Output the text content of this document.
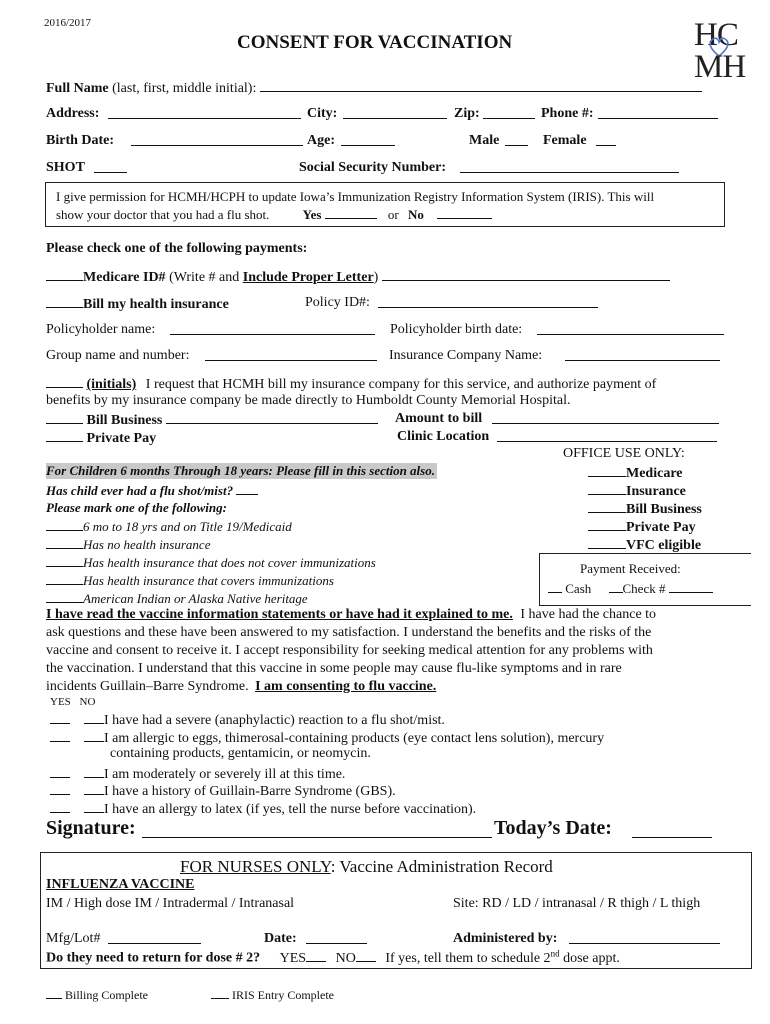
2016/2017
CONSENT FOR VACCINATION	HC
MH
Full Name (last, first, middle initial):
Address:	City:	Zip:	Phone #:
Birth Date:	Age:	Male	Female
SHOT	Social Security Number:
I give permission for HCMH/HCPH to update Iowa’s Immunization Registry Information System (IRIS). This will
show your doctor that you had a flu shot.	Yes	or No
Please check one of the following payments:
Medicare ID# (Write # and Include Proper Letter)
Bill my health insurance	Policy ID#:
Policyholder name:	Policyholder birth date:
Group name and number:	Insurance Company Name:
(initials) I request that HCMH bill my insurance company for this service, and authorize payment of
benefits by my insurance company be made directly to Humboldt County Memorial Hospital.
Bill Business	Amount to bill
Private Pay	Clinic Location
OFFICE USE ONLY:
Medicare
Insurance
Bill Business
Private Pay
VFC eligible
Payment Received:
Cash Check #
For Children 6 months Through 18 years: Please fill in this section also.
Has child ever had a flu shot/mist?
Please mark one of the following:
6 mo to 18 yrs and on Title 19/Medicaid
Has no health insurance
Has health insurance that does not cover immunizations
Has health insurance that covers immunizations
American Indian or Alaska Native heritage
I have read the vaccine information statements or have had it explained to me. I have had the chance to
ask questions and these have been answered to my satisfaction. I understand the benefits and the risks of the
vaccine and consent to receive it. I accept responsibility for seeking medical attention for any problems with
the vaccination. I understand that this vaccine in some people may cause flu-like symptoms and in rare
incidents Guillain–Barre Syndrome. I am consenting to flu vaccine.
YES NO
I have had a severe (anaphylactic) reaction to a flu shot/mist.
I am allergic to eggs, thimerosal-containing products (eye contact lens solution), mercury
containing products, gentamicin, or neomycin.
I am moderately or severely ill at this time.
I have a history of Guillain-Barre Syndrome (GBS).
I have an allergy to latex (if yes, tell the nurse before vaccination).
Signature:	Today’s Date:
FOR NURSES ONLY: Vaccine Administration Record
INFLUENZA VACCINE
IM / High dose IM / Intradermal / Intranasal	Site: RD / LD / intranasal / R thigh / L thigh
Mfg/Lot#	Date:	Administered by:
Do they need to return for dose # 2? YES NO If yes, tell them to schedule 2nd dose appt.
Billing Complete	IRIS Entry Complete
